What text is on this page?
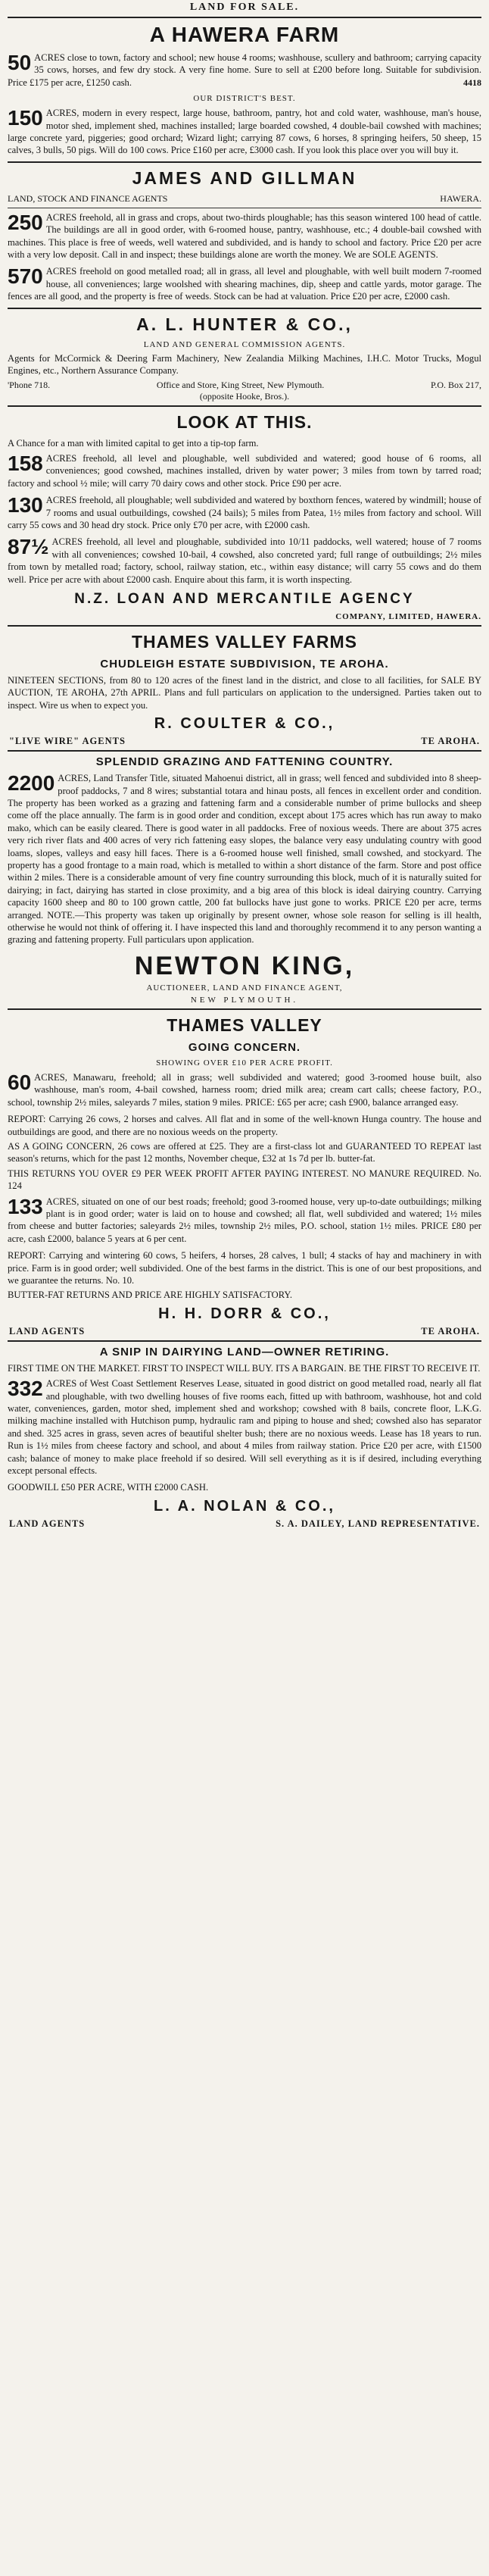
LAND FOR SALE.
A HAWERA FARM
50 ACRES close to town, factory and school; new house 4 rooms; washhouse, scullery and bathroom; carrying capacity 35 cows, horses, and few dry stock. A very fine home. Sure to sell at £200 before long. Suitable for subdivision. Price £175 per acre, £1250 cash.	4418
OUR DISTRICT'S BEST.
150 ACRES, modern in every respect, large house, bathroom, pantry, hot and cold water, washhouse, man's house, motor shed, implement shed, machines installed; large boarded cowshed, 4 double-bail cowshed with machines; large concrete yard, piggeries; good orchard; Wizard light; carrying 87 cows, 6 horses, 8 springing heifers, 50 sheep, 15 calves, 3 bulls, 50 pigs. Will do 100 cows. Price £160 per acre, £3000 cash. If you look this place over you will buy it.
JAMES AND GILLMAN
LAND, STOCK AND FINANCE AGENTS	HAWERA.
250 ACRES freehold, all in grass and crops, about two-thirds ploughable; has this season wintered 100 head of cattle. The buildings are all in good order, with 6-roomed house, pantry, washhouse, etc.; 4 double-bail cowshed with machines. This place is free of weeds, well watered and subdivided, and is handy to school and factory. Price £20 per acre with a very low deposit. Call in and inspect; these buildings alone are worth the money. We are SOLE AGENTS.
570 ACRES freehold on good metalled road; all in grass, all level and ploughable, with well built modern 7-roomed house, all conveniences; large woolshed with shearing machines, dip, sheep and cattle yards, motor garage. The fences are all good, and the property is free of weeds. Stock can be had at valuation. Price £20 per acre, £2000 cash.
A. L. HUNTER & CO.,
LAND AND GENERAL COMMISSION AGENTS.
Agents for McCormick & Deering Farm Machinery, New Zealandia Milking Machines, I.H.C. Motor Trucks, Mogul Engines, etc., Northern Assurance Company.
'Phone 718.	Office and Store, King Street, New Plymouth.	P.O. Box 217,
(opposite Hooke, Bros.).
LOOK AT THIS.
A Chance for a man with limited capital to get into a tip-top farm.
158 ACRES freehold, all level and ploughable, well subdivided and watered; good house of 6 rooms, all conveniences; good cowshed, machines installed, driven by water power; 3 miles from town by tarred road; factory and school ½ mile; will carry 70 dairy cows and other stock. Price £90 per acre.
130 ACRES freehold, all ploughable; well subdivided and watered by boxthorn fences, watered by windmill; house of 7 rooms and usual outbuildings, cowshed (24 bails); 5 miles from Patea, 1½ miles from factory and school. Will carry 55 cows and 30 head dry stock. Price only £70 per acre, with £2000 cash.
87½ ACRES freehold, all level and ploughable, subdivided into 10/11 paddocks, well watered; house of 7 rooms with all conveniences; cowshed 10-bail, 4 cowshed, also concreted yard; full range of outbuildings; 2½ miles from town by metalled road; factory, school, railway station, etc., within easy distance; will carry 55 cows and do them well. Price per acre with about £2000 cash. Enquire about this farm, it is worth inspecting.
N.Z. LOAN AND MERCANTILE AGENCY
COMPANY, LIMITED, HAWERA.
THAMES VALLEY FARMS
CHUDLEIGH ESTATE SUBDIVISION, TE AROHA.
NINETEEN SECTIONS, from 80 to 120 acres of the finest land in the district, and close to all facilities, for SALE BY AUCTION, TE AROHA, 27th APRIL. Plans and full particulars on application to the undersigned. Parties taken out to inspect. Wire us when to expect you.
R. COULTER & CO.,
"LIVE WIRE" AGENTS	TE AROHA.
SPLENDID GRAZING AND FATTENING COUNTRY.
2200 ACRES, Land Transfer Title, situated Mahoenui district, all in grass; well fenced and subdivided into 8 sheep-proof paddocks, 7 and 8 wires; substantial totara and hinau posts, all fences in excellent order and condition. The property has been worked as a grazing and fattening farm and a considerable number of prime bullocks and sheep come off the place annually. The farm is in good order and condition, except about 175 acres which has run away to mako mako, which can be easily cleared. There is good water in all paddocks. Free of noxious weeds. There are about 375 acres very rich river flats and 400 acres of very rich fattening easy slopes, the balance very easy undulating country with good loams, slopes, valleys and easy hill faces. There is a 6-roomed house well finished, small cowshed, and stockyard. The property has a good frontage to a main road, which is metalled to within a short distance of the farm. Store and post office within 2 miles. There is a considerable amount of very fine country surrounding this block, much of it is naturally suited for dairying; in fact, dairying has started in close proximity, and a big area of this block is ideal dairying country. Carrying capacity 1600 sheep and 80 to 100 grown cattle, 200 fat bullocks have just gone to works. PRICE £20 per acre, terms arranged. NOTE.—This property was taken up originally by present owner, whose sole reason for selling is ill health, otherwise he would not think of offering it. I have inspected this land and thoroughly recommend it to any person wanting a grazing and fattening property. Full particulars upon application.
NEWTON KING,
AUCTIONEER, LAND AND FINANCE AGENT,
NEW PLYMOUTH.
THAMES VALLEY
GOING CONCERN.
SHOWING OVER £10 PER ACRE PROFIT.
60 ACRES, Manawaru, freehold; all in grass; well subdivided and watered; good 3-roomed house built, also washhouse, man's room, 4-bail cowshed, harness room; dried milk area; cream cart calls; cheese factory, P.O., school, township 2½ miles, saleyards 7 miles, station 9 miles. PRICE: £65 per acre; cash £900, balance arranged easy.
REPORT: Carrying 26 cows, 2 horses and calves. All flat and in some of the well-known Hunga country. The house and outbuildings are good, and there are no noxious weeds on the property.
AS A GOING CONCERN, 26 cows are offered at £25. They are a first-class lot and GUARANTEED TO REPEAT last season's returns, which for the past 12 months, November cheque, £32 at 1s 7d per lb. butter-fat.
THIS RETURNS YOU OVER £9 PER WEEK PROFIT AFTER PAYING INTEREST. NO MANURE REQUIRED. No. 124
133 ACRES, situated on one of our best roads; freehold; good 3-roomed house, very up-to-date outbuildings; milking plant is in good order; water is laid on to house and cowshed; all flat, well subdivided and watered; 1½ miles from cheese and butter factories; saleyards 2½ miles, township 2½ miles, P.O. school, station 1½ miles. PRICE £80 per acre, cash £2000, balance 5 years at 6 per cent.
REPORT: Carrying and wintering 60 cows, 5 heifers, 4 horses, 28 calves, 1 bull; 4 stacks of hay and machinery in with price. Farm is in good order; well subdivided. One of the best farms in the district. This is one of our best propositions, and we guarantee the returns. No. 10.
BUTTER-FAT RETURNS AND PRICE ARE HIGHLY SATISFACTORY.
H. H. DORR & CO.,
LAND AGENTS	TE AROHA.
A SNIP IN DAIRYING LAND—OWNER RETIRING.
FIRST TIME ON THE MARKET. FIRST TO INSPECT WILL BUY. ITS A BARGAIN. BE THE FIRST TO RECEIVE IT.
332 ACRES of West Coast Settlement Reserves Lease, situated in good district on good metalled road, nearly all flat and ploughable, with two dwelling houses of five rooms each, fitted up with bathroom, washhouse, hot and cold water, conveniences, garden, motor shed, implement shed and workshop; cowshed with 8 bails, concrete floor, L.K.G. milking machine installed with Hutchison pump, hydraulic ram and piping to house and shed; cowshed also has separator and shed. 325 acres in grass, seven acres of beautiful shelter bush; there are no noxious weeds. Lease has 18 years to run. Run is 1½ miles from cheese factory and school, and about 4 miles from railway station. Price £20 per acre, with £1500 cash; balance of money to make place freehold if so desired. Will sell everything as it is if desired, including everything except personal effects.
GOODWILL £50 PER ACRE, WITH £2000 CASH.
L. A. NOLAN & CO.,
LAND AGENTS	S. A. DAILEY, LAND REPRESENTATIVE.
